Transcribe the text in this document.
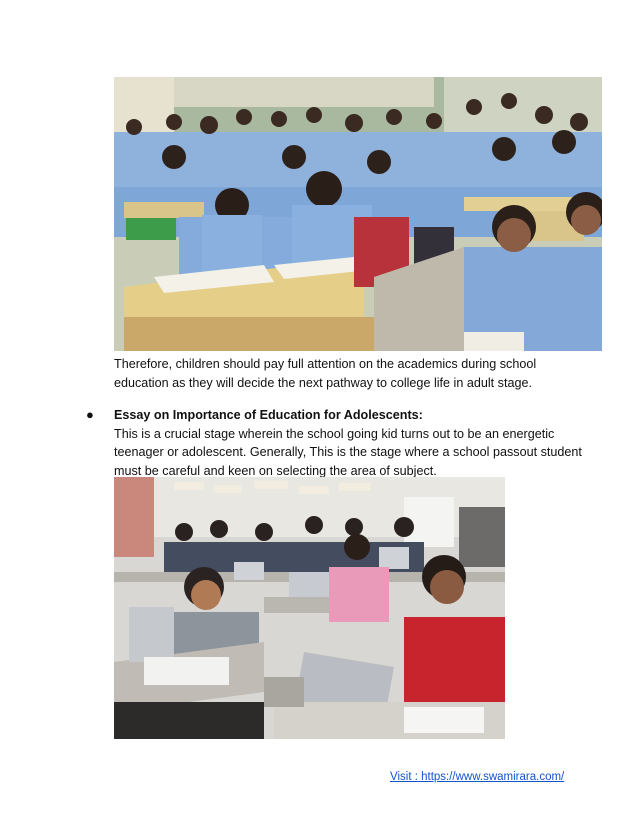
Therefore, children should pay full attention on the academics during school education as they will decide the next pathway to college life in adult stage.

● Essay on Importance of Education for Adolescents:
This is a crucial stage wherein the school going kid turns out to be an energetic teenager or adolescent. Generally, This is the stage where a school passout student must be careful and keen on selecting the area of subject.
Visit : https://www.swamirara.com/
